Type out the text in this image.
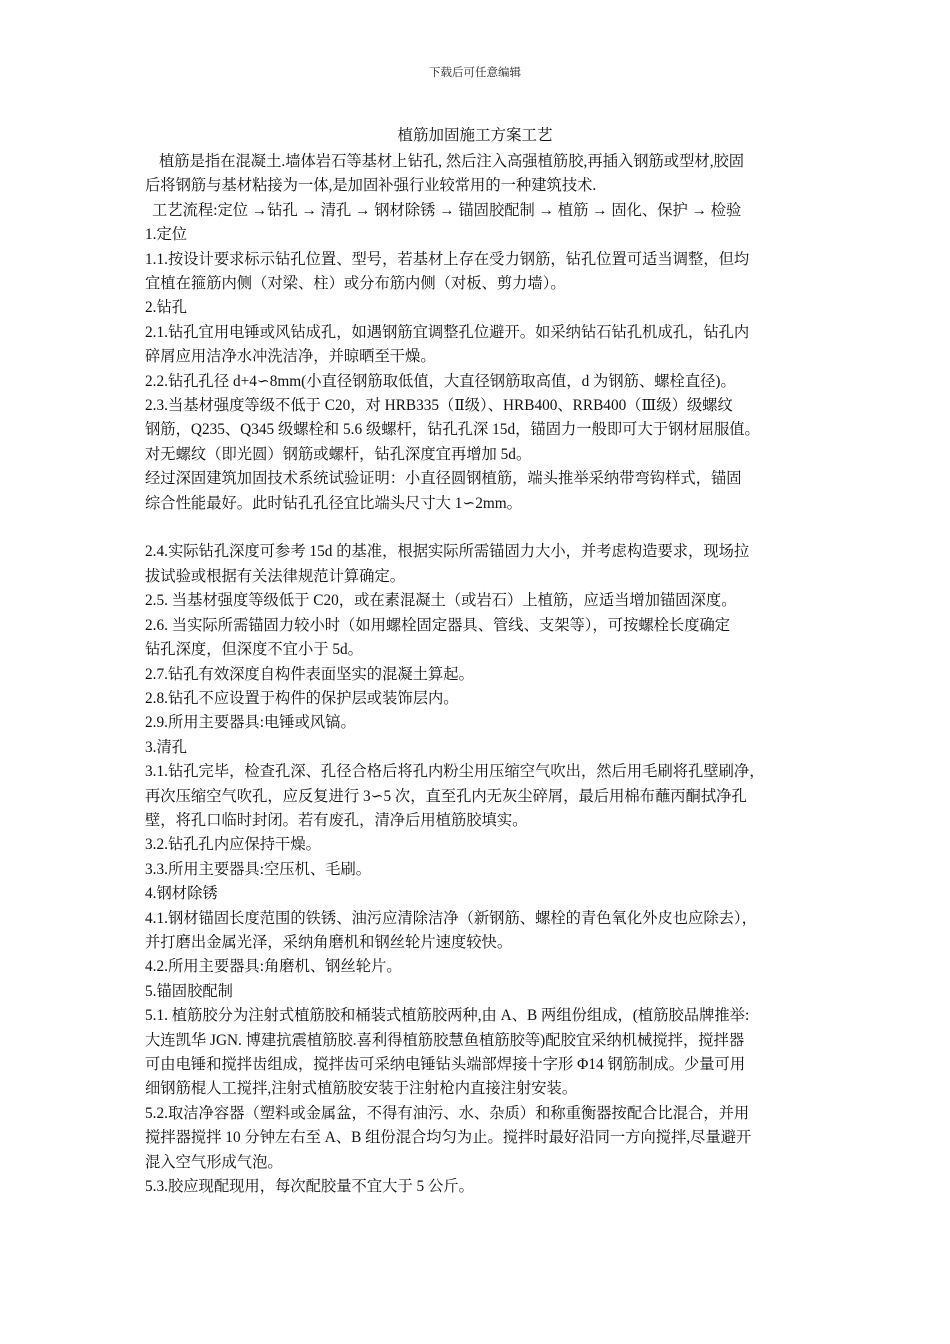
下载后可任意编辑
植筋加固施工方案工艺

植筋是指在混凝土.墙体岩石等基材上钻孔, 然后注入高强植筋胶,再插入钢筋或型材,胶固

后将钢筋与基材粘接为一体,是加固补强行业较常用的一种建筑技术.

工艺流程:定位 →钻孔 → 清孔 → 钢材除锈 → 锚固胶配制 → 植筋 → 固化、保护 → 检验

1.定位

1.1.按设计要求标示钻孔位置、型号，若基材上存在受力钢筋，钻孔位置可适当调整，但均

宜植在箍筋内侧（对梁、柱）或分布筋内侧（对板、剪力墙）。

2.钻孔

2.1.钻孔宜用电锤或风钻成孔，如遇钢筋宜调整孔位避开。如采纳钻石钻孔机成孔，钻孔内

碎屑应用洁净水冲洗洁净，并晾晒至干燥。

2.2.钻孔孔径 d+4∽8mm(小直径钢筋取低值，大直径钢筋取高值，d 为钢筋、螺栓直径)。

2.3.当基材强度等级不低于 C20，对 HRB335（Ⅱ级）、HRB400、RRB400（Ⅲ级）级螺纹

钢筋，Q235、Q345 级螺栓和 5.6 级螺杆，钻孔孔深 15d，锚固力一般即可大于钢材屈服值。

对无螺纹（即光圆）钢筋或螺杆，钻孔深度宜再增加 5d。

经过深固建筑加固技术系统试验证明：小直径圆钢植筋，端头推举采纳带弯钩样式，锚固

综合性能最好。此时钻孔孔径宜比端头尺寸大 1∽2mm。

2.4.实际钻孔深度可参考 15d 的基准，根据实际所需锚固力大小，并考虑构造要求，现场拉

拔试验或根据有关法律规范计算确定。

2.5. 当基材强度等级低于 C20，或在素混凝土（或岩石）上植筋，应适当增加锚固深度。

2.6. 当实际所需锚固力较小时（如用螺栓固定器具、管线、支架等），可按螺栓长度确定

钻孔深度，但深度不宜小于 5d。

2.7.钻孔有效深度自构件表面坚实的混凝土算起。

2.8.钻孔不应设置于构件的保护层或装饰层内。

2.9.所用主要器具:电锤或风镐。

3.清孔

3.1.钻孔完毕，检查孔深、孔径合格后将孔内粉尘用压缩空气吹出，然后用毛刷将孔壁刷净，

再次压缩空气吹孔，应反复进行 3∽5 次，直至孔内无灰尘碎屑，最后用棉布蘸丙酮拭净孔

壁，将孔口临时封闭。若有废孔，清净后用植筋胶填实。

3.2.钻孔孔内应保持干燥。

3.3.所用主要器具:空压机、毛刷。

4.钢材除锈

4.1.钢材锚固长度范围的铁锈、油污应清除洁净（新钢筋、螺栓的青色氧化外皮也应除去），

并打磨出金属光泽，采纳角磨机和钢丝轮片速度较快。

4.2.所用主要器具:角磨机、钢丝轮片。

5.锚固胶配制

5.1. 植筋胶分为注射式植筋胶和桶装式植筋胶两种,由 A、B 两组份组成，(植筋胶品牌推举:

大连凯华 JGN. 博建抗震植筋胶.喜利得植筋胶慧鱼植筋胶等)配胶宜采纳机械搅拌，搅拌器

可由电锤和搅拌齿组成，搅拌齿可采纳电锤钻头端部焊接十字形 Φ14 钢筋制成。少量可用

细钢筋棍人工搅拌,注射式植筋胶安装于注射枪内直接注射安装。

5.2.取洁净容器（塑料或金属盆，不得有油污、水、杂质）和称重衡器按配合比混合，并用

搅拌器搅拌 10 分钟左右至 A、B 组份混合均匀为止。搅拌时最好沿同一方向搅拌,尽量避开

混入空气形成气泡。

5.3.胶应现配现用，每次配胶量不宜大于 5 公斤。
